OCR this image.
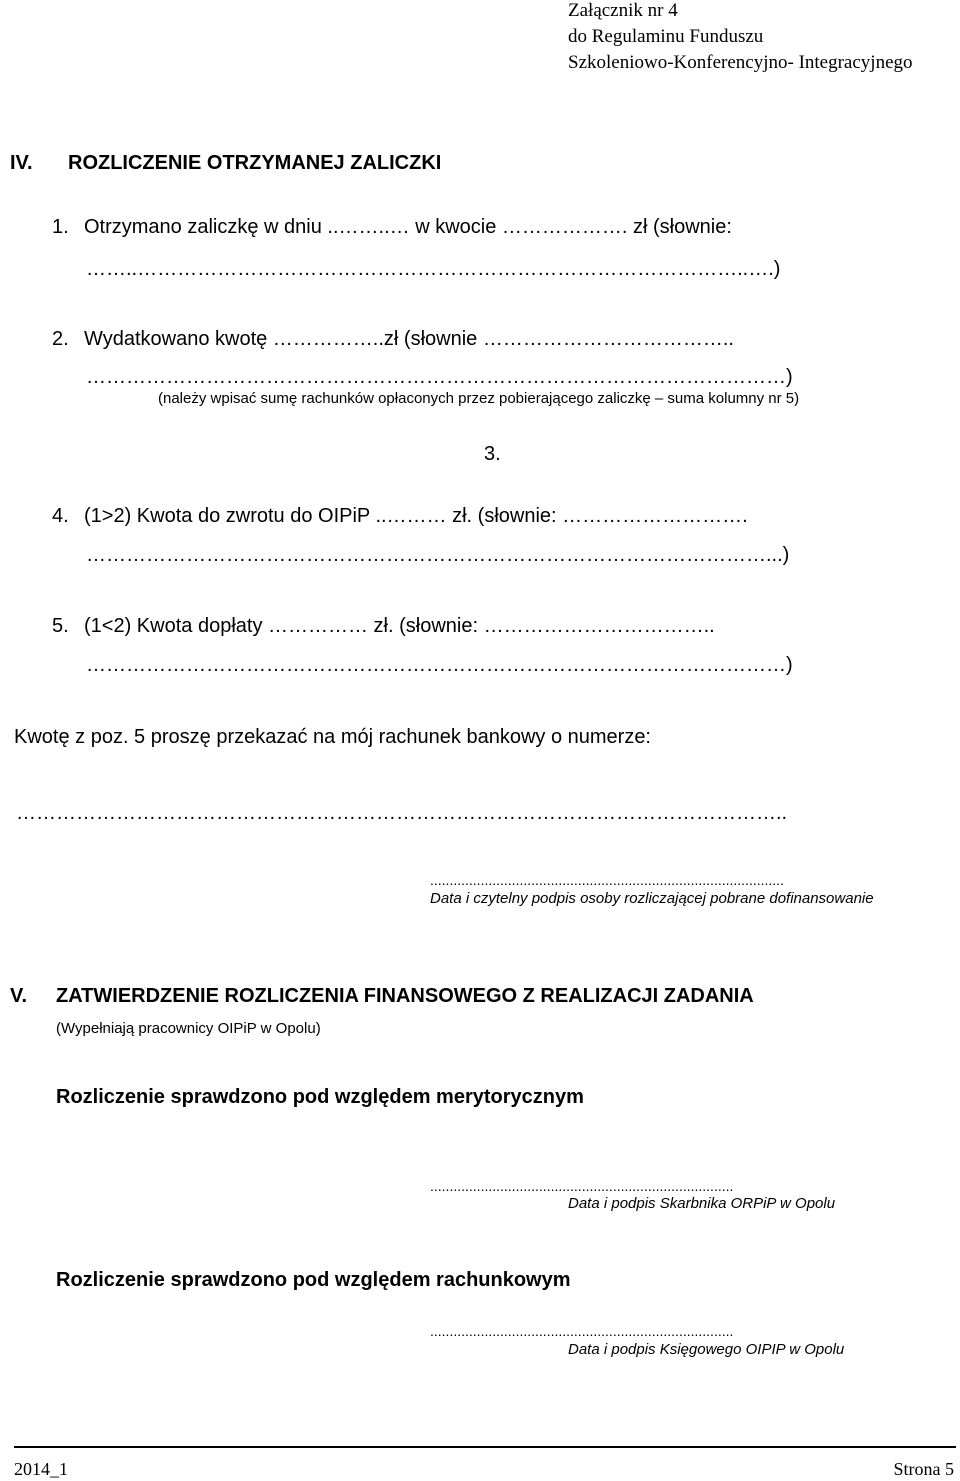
Załącznik nr 4
do Regulaminu Funduszu
Szkoleniowo-Konferencyjno- Integracyjnego
IV. ROZLICZENIE OTRZYMANEJ ZALICZKI
1. Otrzymano zaliczkę w dniu ..……..… w kwocie ………………. zł (słownie:
……..………………………………………………………………………………..….)
2. Wydatkowano kwotę ……………..zł (słownie ………………………………..
……………………………………………………………………………………………)
(należy wpisać sumę rachunków opłaconych przez pobierającego zaliczkę – suma kolumny nr 5)
3.
4. (1>2) Kwota do zwrotu do OIPiP ..……… zł. (słownie: ……………………….
…………………………………………………………………………………………...)
5. (1<2) Kwota dopłaty …………… zł. (słownie: ……………………………..
……………………………………………………………………………………………)
Kwotę z poz. 5 proszę przekazać na mój rachunek bankowy o numerze:
……………………………………………………………………………………………………..
...........................................................................................
Data i czytelny podpis osoby rozliczającej pobrane dofinansowanie
V. ZATWIERDZENIE ROZLICZENIA FINANSOWEGO Z REALIZACJI ZADANIA
(Wypełniają pracownicy OIPiP w Opolu)
Rozliczenie sprawdzono pod względem merytorycznym
..............................................................................
Data i podpis Skarbnika ORPiP w Opolu
Rozliczenie sprawdzono pod względem rachunkowym
..............................................................................
Data i podpis Księgowego OIPIP w Opolu
2014_1	Strona 5
